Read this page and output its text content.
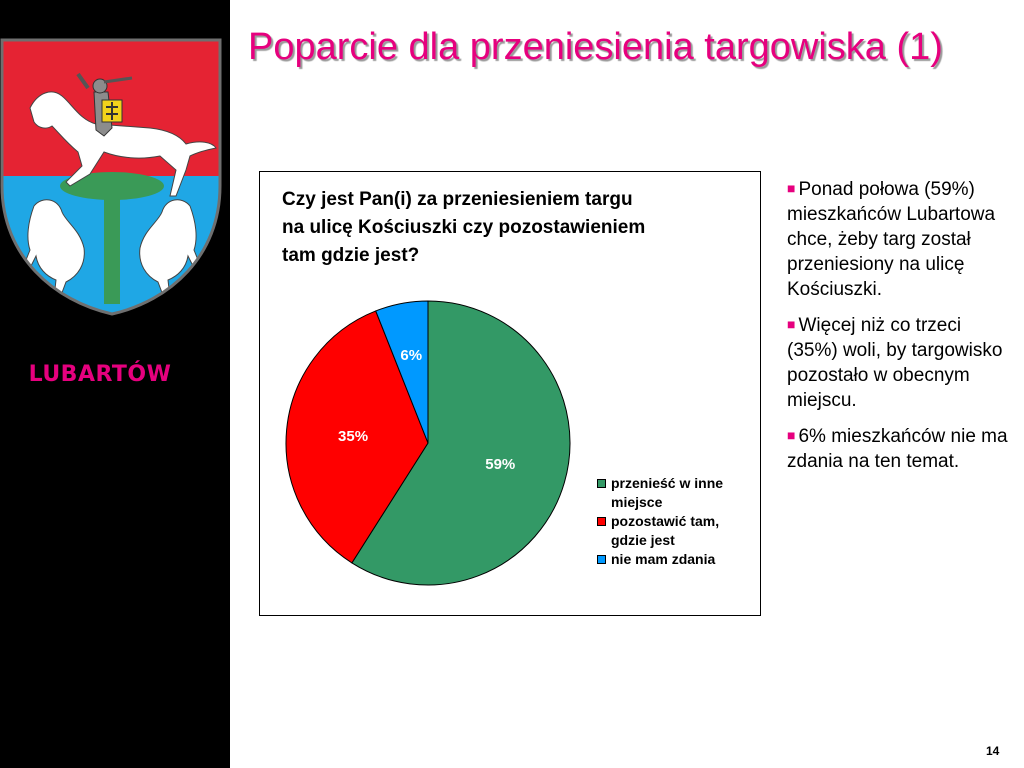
LUBARTÓW
Poparcie dla przeniesienia targowiska (1)

Czy jest Pan(i) za przeniesieniem targu na ulicę Kościuszki czy pozostawieniem tam gdzie jest?

59%
35%
6%
przenieść w inne miejsce
pozostawić tam, gdzie jest
nie mam zdania
■ Ponad połowa (59%) mieszkańców Lubartowa chce, żeby targ został przeniesiony na ulicę Kościuszki.
■ Więcej niż co trzeci (35%) woli, by targowisko pozostało w obecnym miejscu.
■ 6% mieszkańców nie ma zdania na ten temat.
14
